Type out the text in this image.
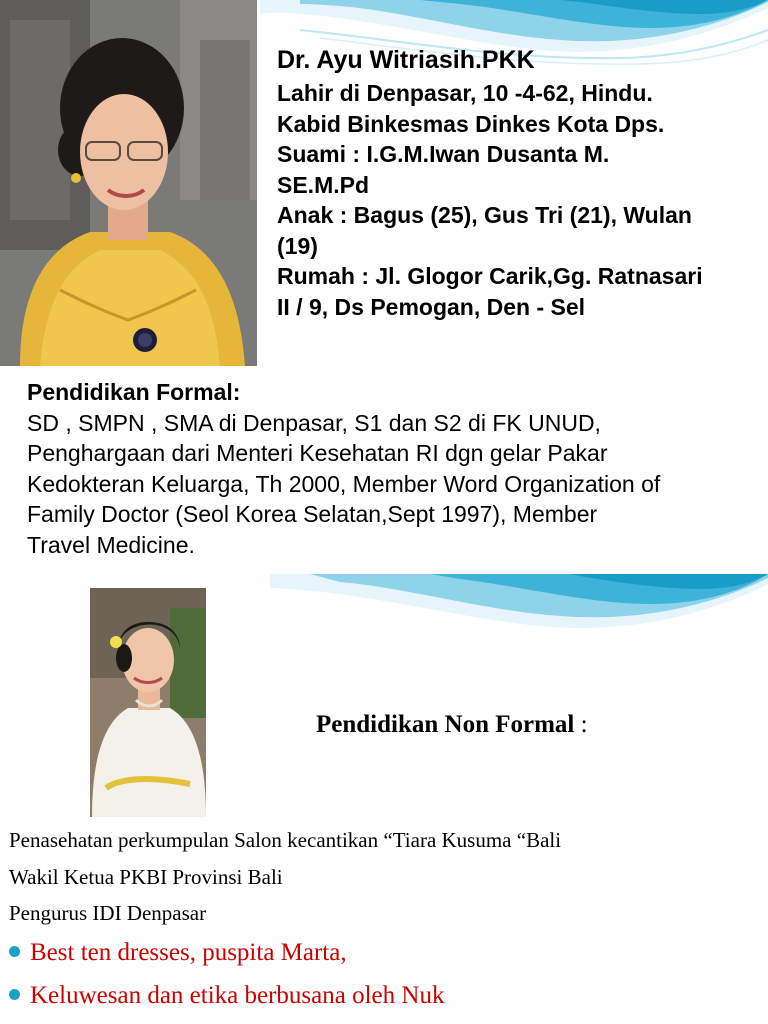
Dr. Ayu Witriasih.PKK
Lahir di Denpasar, 10 -4-62, Hindu.
Kabid Binkesmas Dinkes Kota Dps.
Suami : I.G.M.Iwan Dusanta M.
SE.M.Pd
Anak : Bagus (25), Gus Tri (21), Wulan
(19)
Rumah : Jl. Glogor Carik,Gg. Ratnasari
II / 9, Ds Pemogan, Den - Sel
Pendidikan Formal:
SD , SMPN , SMA di Denpasar, S1 dan S2 di FK UNUD,
Penghargaan dari Menteri Kesehatan RI dgn gelar Pakar
Kedokteran Keluarga, Th 2000, Member Word Organization of
Family Doctor (Seol Korea Selatan,Sept 1997), Member
Travel Medicine.
Pendidikan Non Formal :
Penasehatan perkumpulan Salon kecantikan “Tiara Kusuma “Bali
Wakil Ketua PKBI Provinsi Bali
Pengurus IDI Denpasar
Best ten dresses, puspita Marta,
Keluwesan dan etika berbusana oleh Nuk
